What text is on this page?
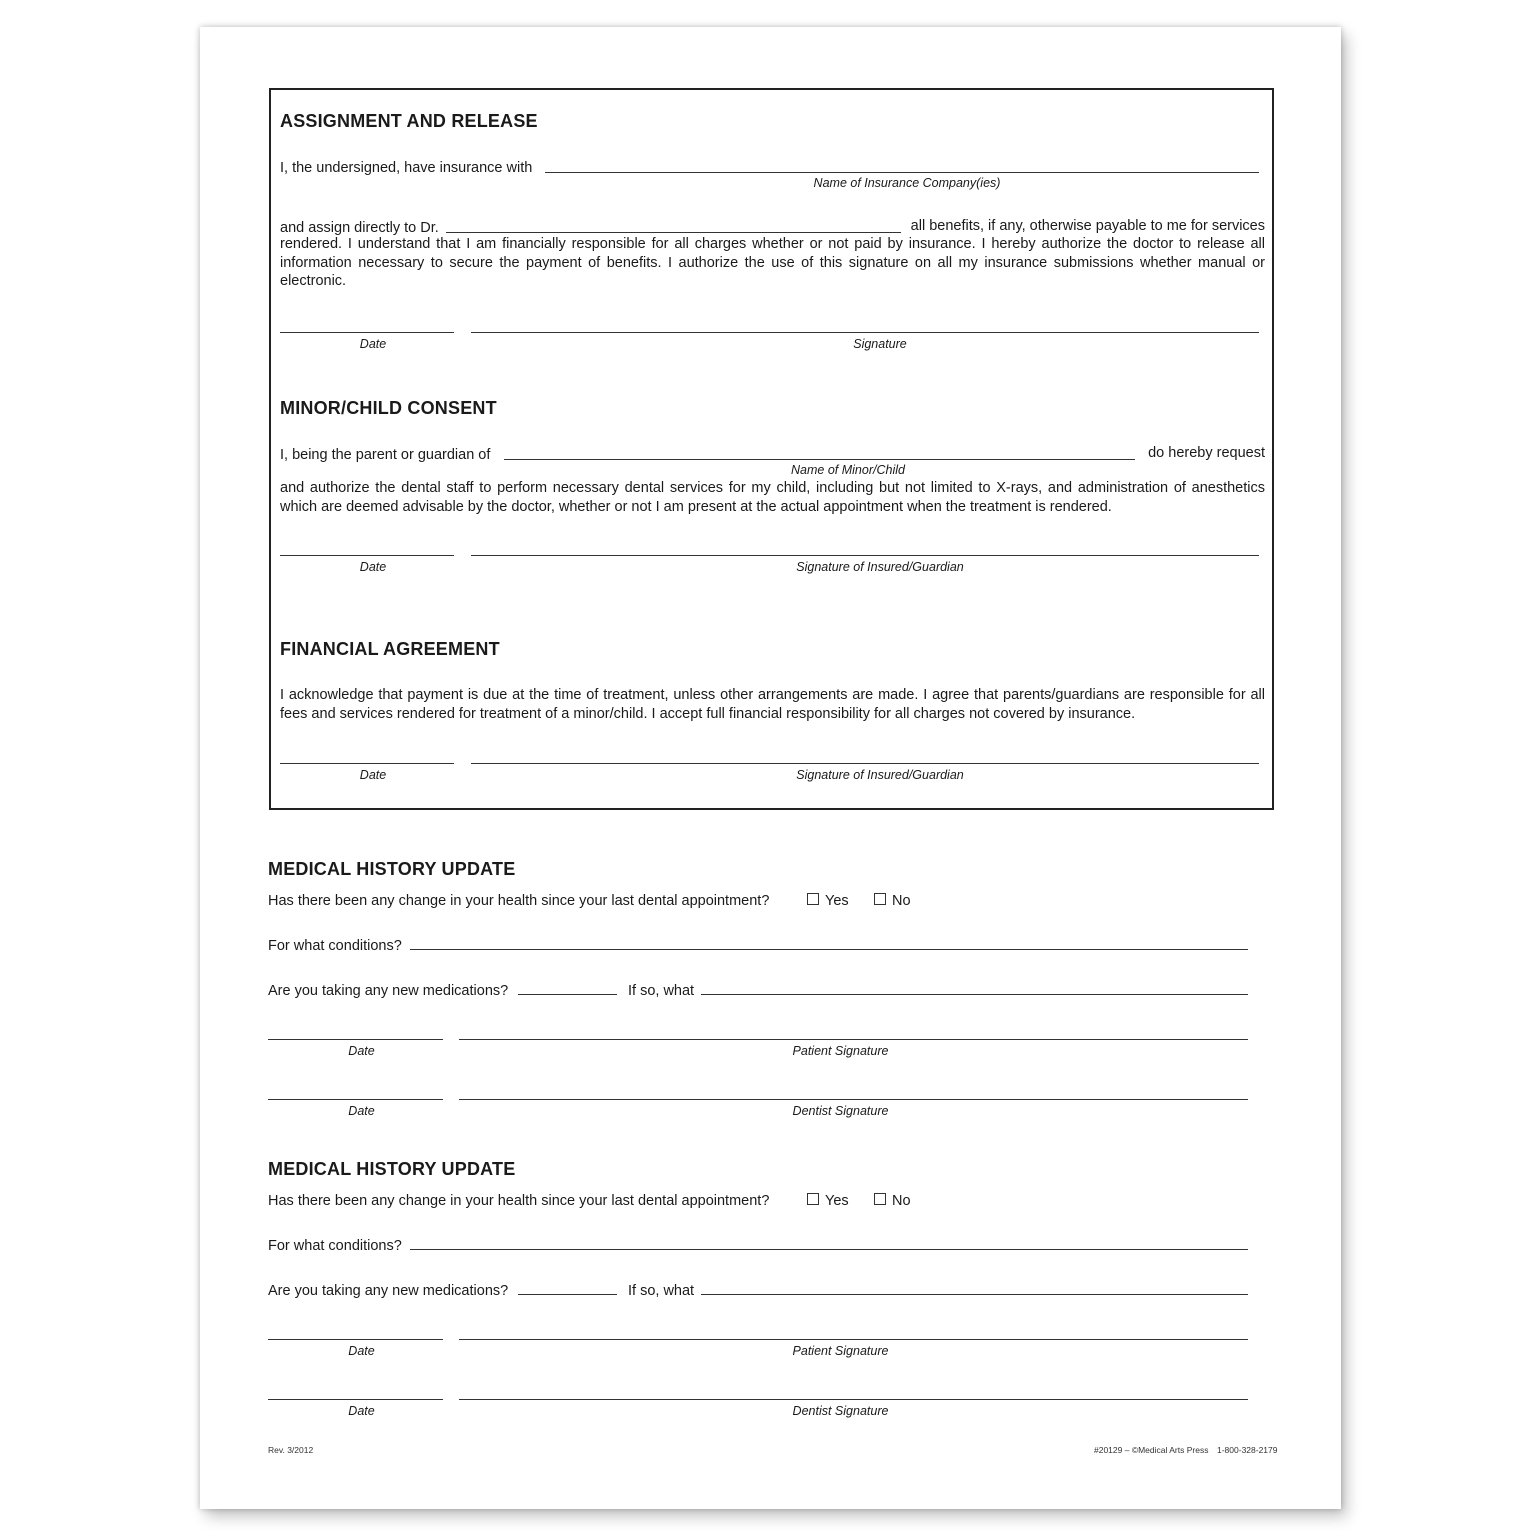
ASSIGNMENT AND RELEASE
I, the undersigned, have insurance with
Name of Insurance Company(ies)
and assign directly to Dr.	all benefits, if any, otherwise payable to me for services
rendered. I understand that I am financially responsible for all charges whether or not paid by insurance. I hereby authorize the doctor to release all information necessary to secure the payment of benefits. I authorize the use of this signature on all my insurance submissions whether manual or electronic.
Date	Signature
MINOR/CHILD CONSENT
I, being the parent or guardian of	do hereby request
Name of Minor/Child
and authorize the dental staff to perform necessary dental services for my child, including but not limited to X-rays, and administration of anesthetics which are deemed advisable by the doctor, whether or not I am present at the actual appointment when the treatment is rendered.
Date	Signature of Insured/Guardian
FINANCIAL AGREEMENT
I acknowledge that payment is due at the time of treatment, unless other arrangements are made. I agree that parents/guardians are responsible for all fees and services rendered for treatment of a minor/child. I accept full financial responsibility for all charges not covered by insurance.
Date	Signature of Insured/Guardian
MEDICAL HISTORY UPDATE
Has there been any change in your health since your last dental appointment?	Yes	No
For what conditions?
Are you taking any new medications?	If so, what
Date	Patient Signature
Date	Dentist Signature
MEDICAL HISTORY UPDATE
Has there been any change in your health since your last dental appointment?	Yes	No
For what conditions?
Are you taking any new medications?	If so, what
Date	Patient Signature
Date	Dentist Signature
Rev. 3/2012	#20129 – ©Medical Arts Press 1-800-328-2179
